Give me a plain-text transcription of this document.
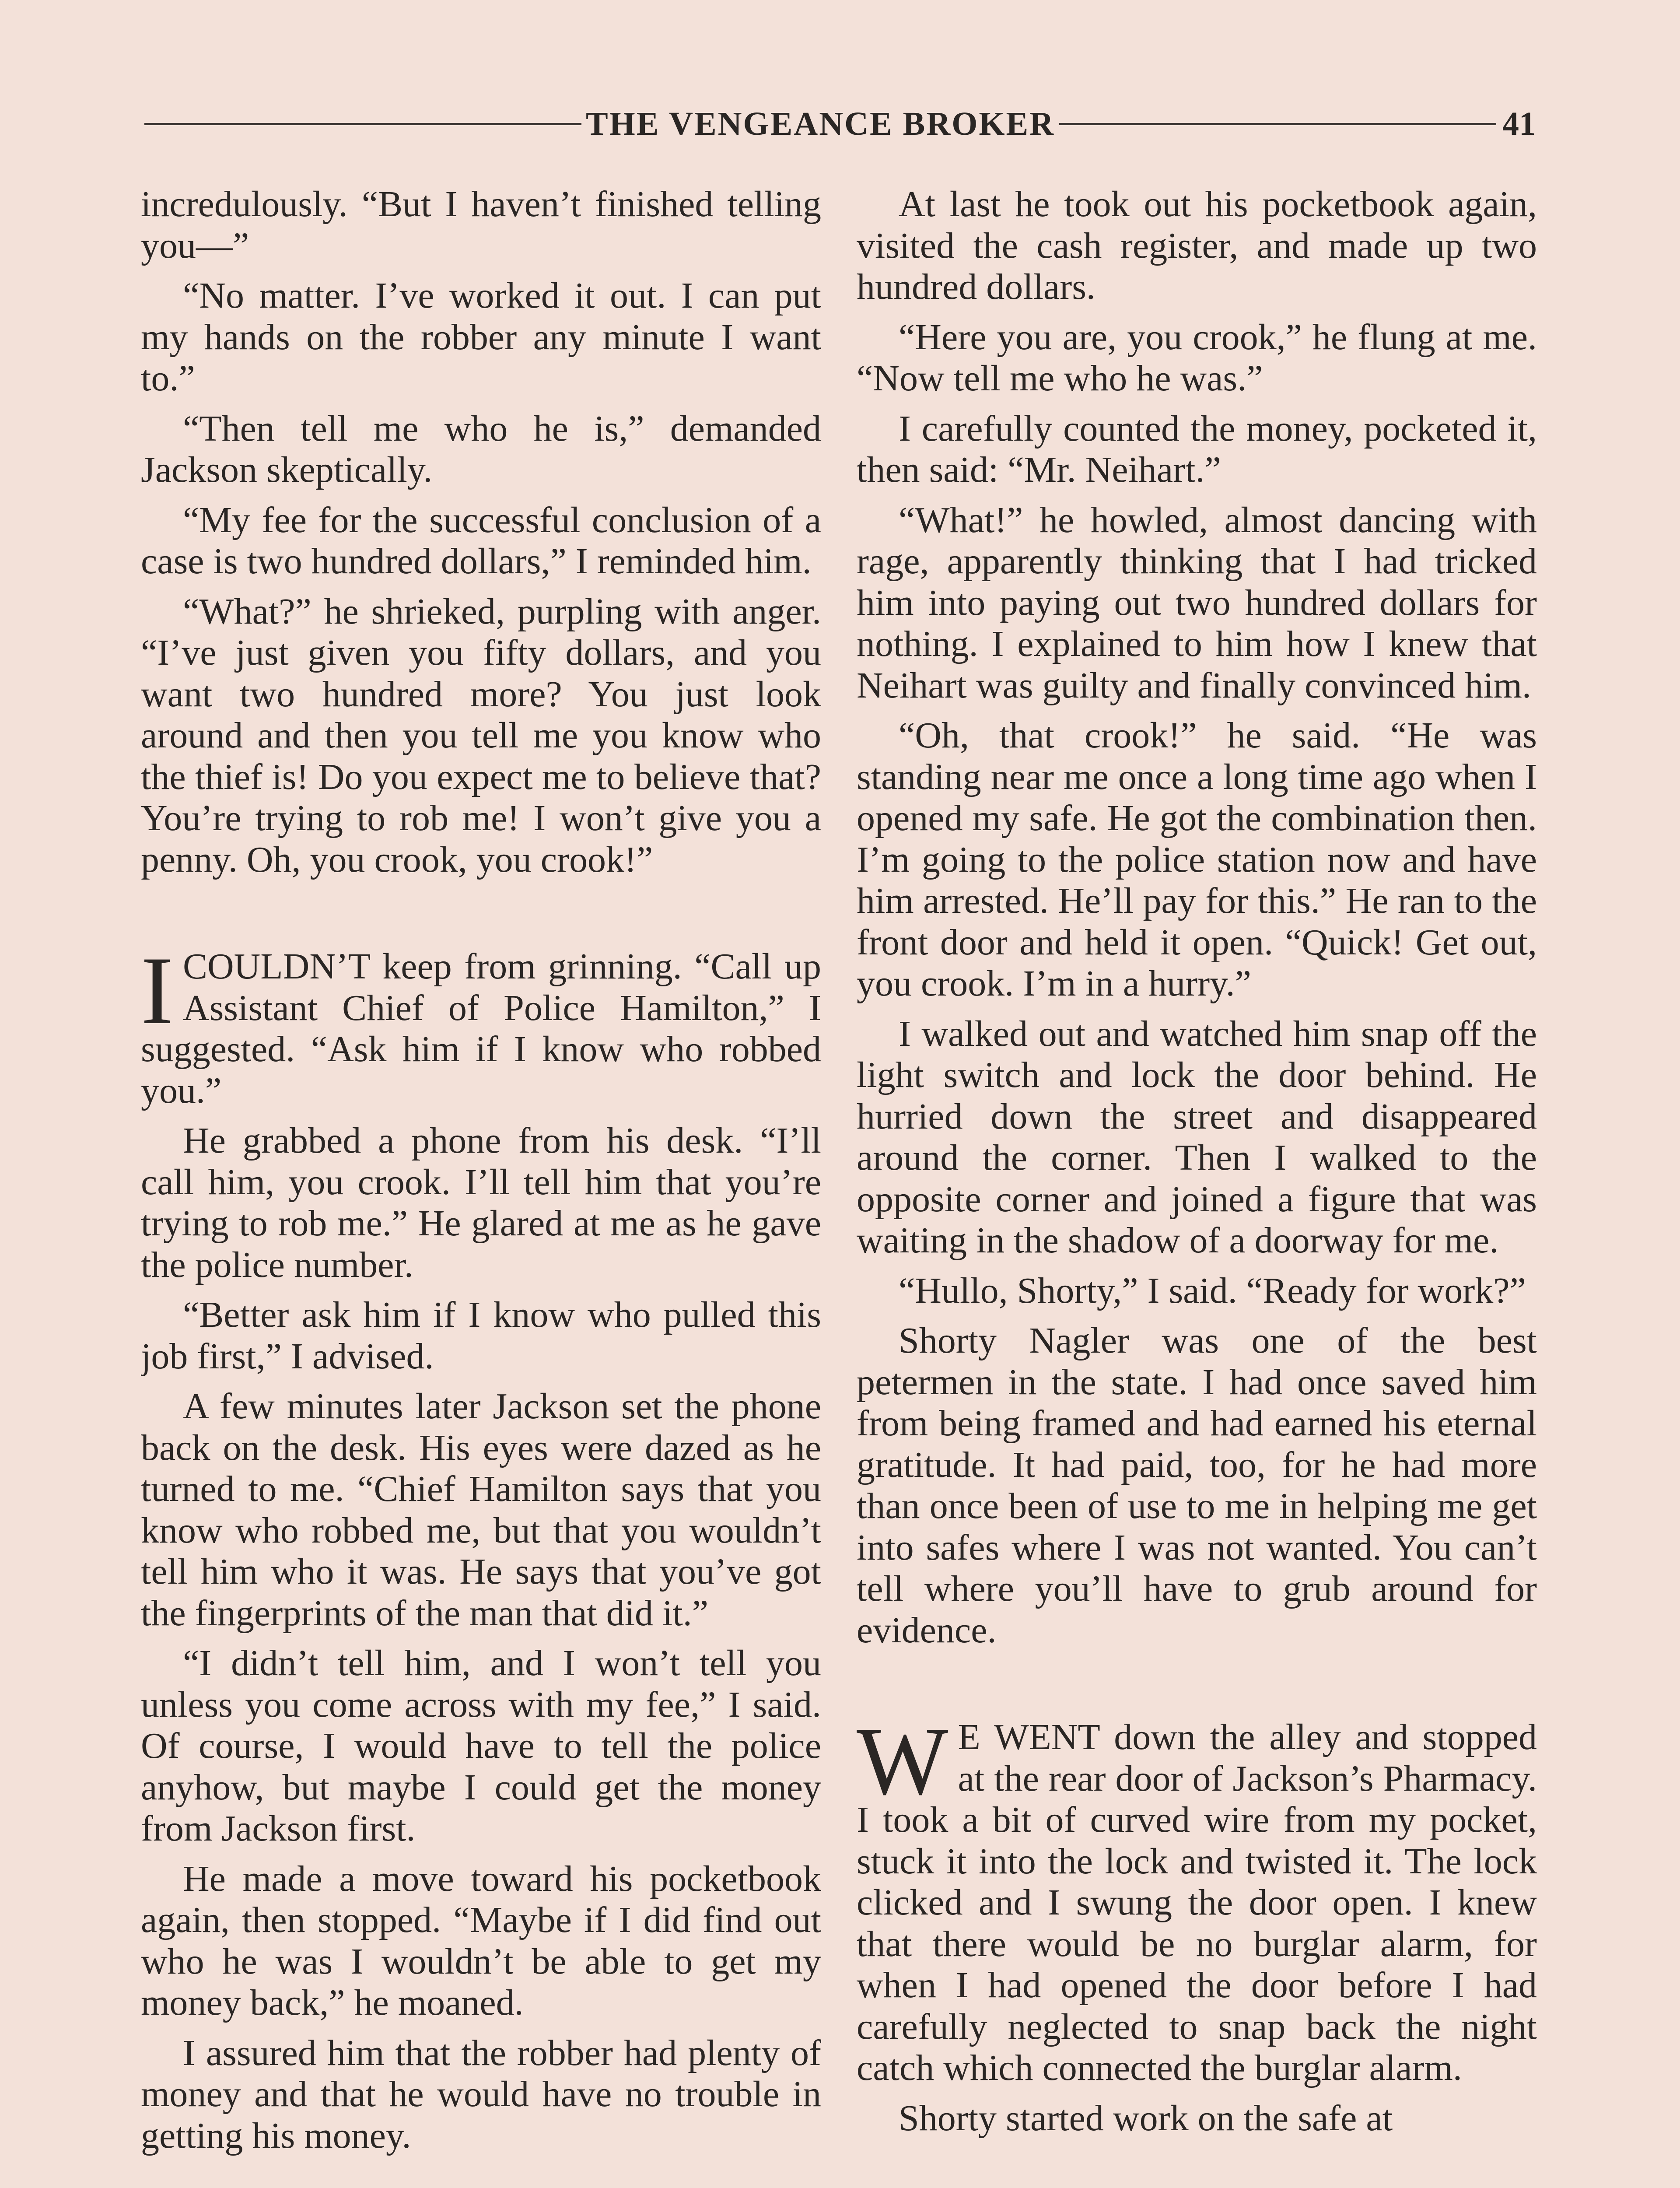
THE VENGEANCE BROKER	41

incredulously. “But I haven’t finished telling you—”

“No matter. I’ve worked it out. I can put my hands on the robber any minute I want to.”

“Then tell me who he is,” demanded Jackson skeptically.

“My fee for the successful conclusion of a case is two hundred dollars,” I reminded him.

“What?” he shrieked, purpling with anger. “I’ve just given you fifty dollars, and you want two hundred more? You just look around and then you tell me you know who the thief is! Do you expect me to believe that? You’re trying to rob me! I won’t give you a penny. Oh, you crook, you crook!”

ICOULDN’T keep from grinning. “Call up Assistant Chief of Police Hamilton,” I suggested. “Ask him if I know who robbed you.”

He grabbed a phone from his desk. “I’ll call him, you crook. I’ll tell him that you’re trying to rob me.” He glared at me as he gave the police number.

“Better ask him if I know who pulled this job first,” I advised.

A few minutes later Jackson set the phone back on the desk. His eyes were dazed as he turned to me. “Chief Hamilton says that you know who robbed me, but that you wouldn’t tell him who it was. He says that you’ve got the fingerprints of the man that did it.”

“I didn’t tell him, and I won’t tell you unless you come across with my fee,” I said. Of course, I would have to tell the police anyhow, but maybe I could get the money from Jackson first.

He made a move toward his pocketbook again, then stopped. “Maybe if I did find out who he was I wouldn’t be able to get my money back,” he moaned.

I assured him that the robber had plenty of money and that he would have no trouble in getting his money.

At last he took out his pocketbook again, visited the cash register, and made up two hundred dollars.

“Here you are, you crook,” he flung at me. “Now tell me who he was.”

I carefully counted the money, pocketed it, then said: “Mr. Neihart.”

“What!” he howled, almost dancing with rage, apparently thinking that I had tricked him into paying out two hundred dollars for nothing. I explained to him how I knew that Neihart was guilty and finally convinced him.

“Oh, that crook!” he said. “He was standing near me once a long time ago when I opened my safe. He got the combination then. I’m going to the police station now and have him arrested. He’ll pay for this.” He ran to the front door and held it open. “Quick! Get out, you crook. I’m in a hurry.”

I walked out and watched him snap off the light switch and lock the door behind. He hurried down the street and disappeared around the corner. Then I walked to the opposite corner and joined a figure that was waiting in the shadow of a doorway for me.

“Hullo, Shorty,” I said. “Ready for work?”

Shorty Nagler was one of the best petermen in the state. I had once saved him from being framed and had earned his eternal gratitude. It had paid, too, for he had more than once been of use to me in helping me get into safes where I was not wanted. You can’t tell where you’ll have to grub around for evidence.

W E WENT down the alley and stopped at the rear door of Jackson’s Pharmacy. I took a bit of curved wire from my pocket, stuck it into the lock and twisted it. The lock clicked and I swung the door open. I knew that there would be no burglar alarm, for when I had opened the door before I had carefully neglected to snap back the night catch which connected the burglar alarm.

Shorty started work on the safe at
